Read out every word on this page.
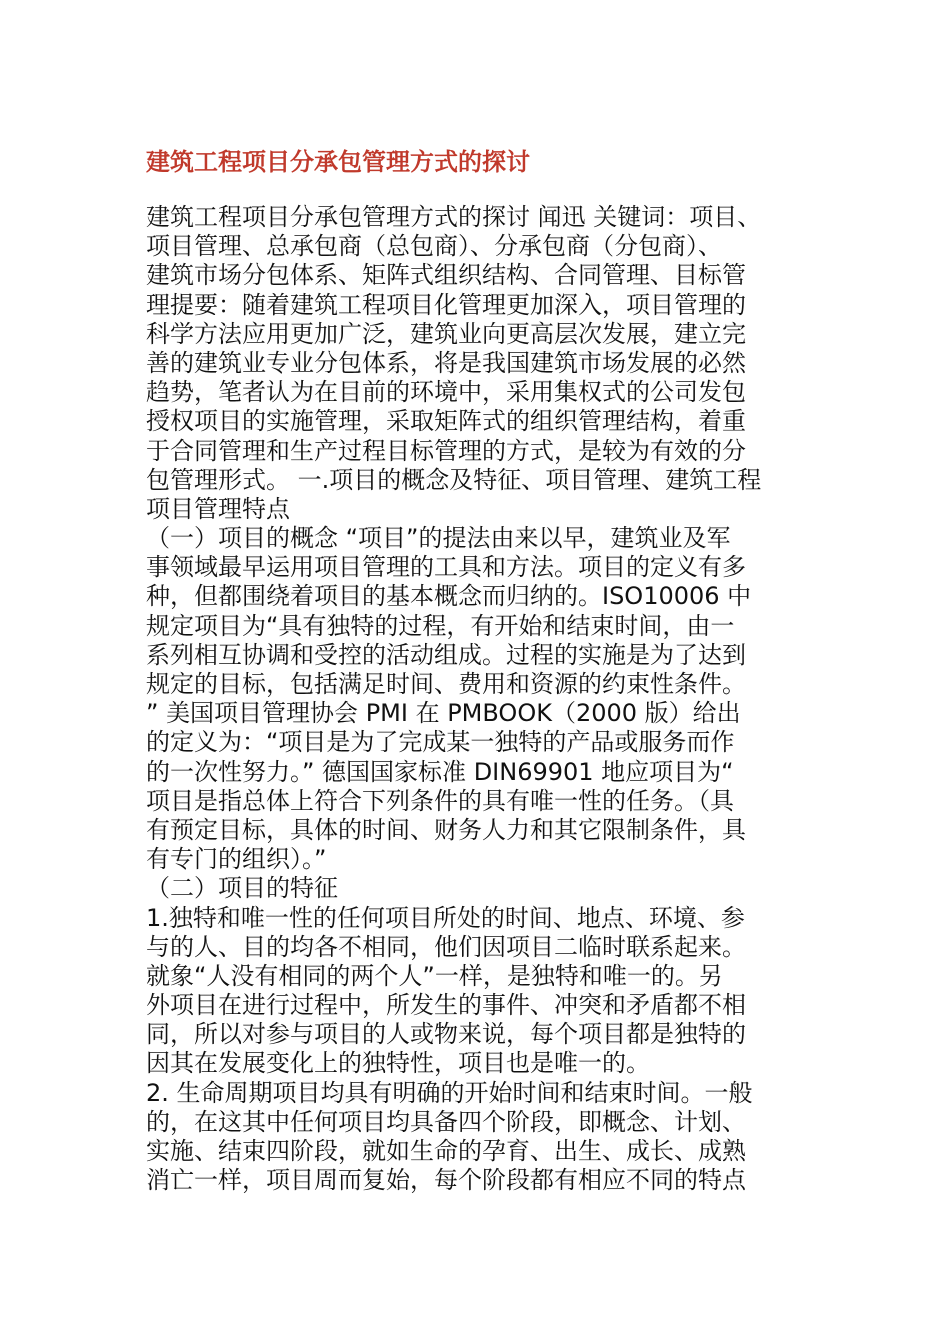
建筑工程项目分承包管理方式的探讨
建筑工程项目分承包管理方式的探讨 闻迅 关键词：项目、
项目管理、总承包商（总包商）、分承包商（分包商）、
建筑市场分包体系、矩阵式组织结构、合同管理、目标管
理提要：随着建筑工程项目化管理更加深入，项目管理的
科学方法应用更加广泛，建筑业向更高层次发展，建立完
善的建筑业专业分包体系，将是我国建筑市场发展的必然
趋势，笔者认为在目前的环境中，采用集权式的公司发包
授权项目的实施管理，采取矩阵式的组织管理结构，着重
于合同管理和生产过程目标管理的方式，是较为有效的分
包管理形式。 一.项目的概念及特征、项目管理、建筑工程
项目管理特点
（一）项目的概念 “项目”的提法由来以早，建筑业及军
事领域最早运用项目管理的工具和方法。项目的定义有多
种，但都围绕着项目的基本概念而归纳的。ISO10006 中
规定项目为“具有独特的过程，有开始和结束时间，由一
系列相互协调和受控的活动组成。过程的实施是为了达到
规定的目标，包括满足时间、费用和资源的约束性条件。
” 美国项目管理协会 PMI 在 PMBOOK（2000 版）给出
的定义为：“项目是为了完成某一独特的产品或服务而作
的一次性努力。” 德国国家标准 DIN69901 地应项目为“
项目是指总体上符合下列条件的具有唯一性的任务。（具
有预定目标，具体的时间、财务人力和其它限制条件，具
有专门的组织）。”
（二）项目的特征
1.独特和唯一性的任何项目所处的时间、地点、环境、参
与的人、目的均各不相同，他们因项目二临时联系起来。
就象“人没有相同的两个人”一样，是独特和唯一的。另
外项目在进行过程中，所发生的事件、冲突和矛盾都不相
同，所以对参与项目的人或物来说，每个项目都是独特的
因其在发展变化上的独特性，项目也是唯一的。
2. 生命周期项目均具有明确的开始时间和结束时间。一般
的，在这其中任何项目均具备四个阶段，即概念、计划、
实施、结束四阶段，就如生命的孕育、出生、成长、成熟
消亡一样，项目周而复始，每个阶段都有相应不同的特点
